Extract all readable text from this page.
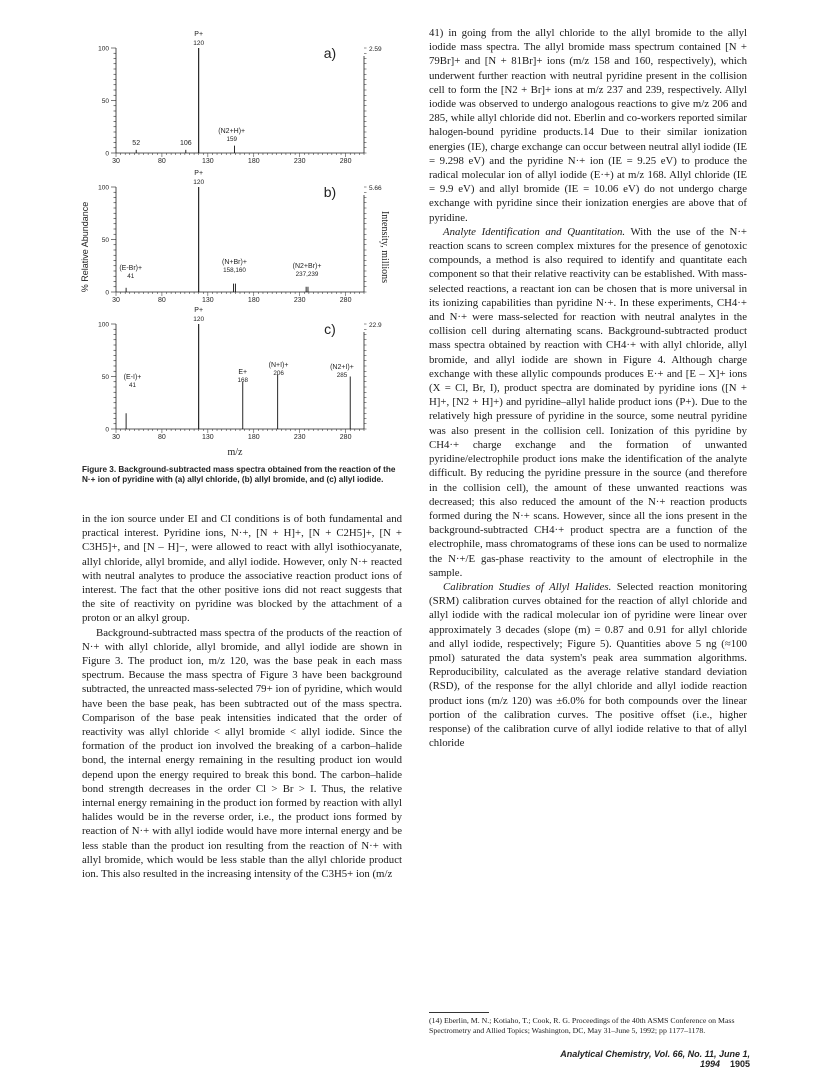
% Relative Abundance	Intensity, millions
m/z
100
50
0
30	80	130	180	230	280
P+
120
a)	2.59
52	106
(N2+H)+
159
100
50
0
30	80	130	180	230	280
P+
120
b)	5.66
(E-Br)+
41
(N+Br)+
158,160
(N2+Br)+
237,239
100
50
0
30	80	130	180	230	280
P+
120
c)	22.9
(E-I)+
41
E+
168
(N+I)+
206
(N2+I)+
285
Figure 3. Background-subtracted mass spectra obtained from the reaction of the N·+ ion of pyridine with (a) allyl chloride, (b) allyl bromide, and (c) allyl iodide.

in the ion source under EI and CI conditions is of both fundamental and practical interest. Pyridine ions, N·+, [N + H]+, [N + C2H5]+, [N + C3H5]+, and [N – H]−, were allowed to react with allyl isothiocyanate, allyl chloride, allyl bromide, and allyl iodide. However, only N·+ reacted with neutral analytes to produce the associative reaction product ions of interest. The fact that the other positive ions did not react suggests that the site of reactivity on pyridine was blocked by the attachment of a proton or an alkyl group.

Background-subtracted mass spectra of the products of the reaction of N·+ with allyl chloride, allyl bromide, and allyl iodide are shown in Figure 3. The product ion, m/z 120, was the base peak in each mass spectrum. Because the mass spectra of Figure 3 have been background subtracted, the unreacted mass-selected 79+ ion of pyridine, which would have been the base peak, has been subtracted out of the mass spectra. Comparison of the base peak intensities indicated that the order of reactivity was allyl chloride < allyl bromide < allyl iodide. Since the formation of the product ion involved the breaking of a carbon–halide bond, the internal energy remaining in the resulting product ion would depend upon the energy required to break this bond. The carbon–halide bond strength decreases in the order Cl > Br > I. Thus, the relative internal energy remaining in the product ion formed by reaction with allyl halides would be in the reverse order, i.e., the product ions formed by reaction of N·+ with allyl iodide would have more internal energy and be less stable than the product ion resulting from the reaction of N·+ with allyl bromide, which would be less stable than the allyl chloride product ion. This also resulted in the increasing intensity of the C3H5+ ion (m/z

41) in going from the allyl chloride to the allyl bromide to the allyl iodide mass spectra. The allyl bromide mass spectrum contained [N + 79Br]+ and [N + 81Br]+ ions (m/z 158 and 160, respectively), which underwent further reaction with neutral pyridine present in the collision cell to form the [N2 + Br]+ ions at m/z 237 and 239, respectively. Allyl iodide was observed to undergo analogous reactions to give m/z 206 and 285, while allyl chloride did not. Eberlin and co-workers reported similar halogen-bound pyridine products.14 Due to their similar ionization energies (IE), charge exchange can occur between neutral allyl iodide (IE = 9.298 eV) and the pyridine N·+ ion (IE = 9.25 eV) to produce the radical molecular ion of allyl iodide (E·+) at m/z 168. Allyl chloride (IE = 9.9 eV) and allyl bromide (IE = 10.06 eV) do not undergo charge exchange with pyridine since their ionization energies are above that of pyridine.

Analyte Identification and Quantitation. With the use of the N·+ reaction scans to screen complex mixtures for the presence of genotoxic compounds, a method is also required to identify and quantitate each component so that their relative reactivity can be established. With mass-selected reactions, a reactant ion can be chosen that is more universal in its ionizing capabilities than pyridine N·+. In these experiments, CH4·+ and N·+ were mass-selected for reaction with neutral analytes in the collision cell during alternating scans. Background-subtracted product mass spectra obtained by reaction with CH4·+ with allyl chloride, allyl bromide, and allyl iodide are shown in Figure 4. Although charge exchange with these allylic compounds produces E·+ and [E – X]+ ions (X = Cl, Br, I), product spectra are dominated by pyridine ions ([N + H]+, [N2 + H]+) and pyridine–allyl halide product ions (P+). Due to the relatively high pressure of pyridine in the source, some neutral pyridine was also present in the collision cell. Ionization of this pyridine by CH4·+ charge exchange and the formation of unwanted pyridine/electrophile product ions make the identification of the analyte difficult. By reducing the pyridine pressure in the source (and therefore in the collision cell), the amount of these unwanted reactions was decreased; this also reduced the amount of the N·+ reaction products formed during the N·+ scans. However, since all the ions present in the background-subtracted CH4·+ product spectra are a function of the electrophile, mass chromatograms of these ions can be used to normalize the N·+/E gas-phase reactivity to the amount of electrophile in the sample.

Calibration Studies of Allyl Halides. Selected reaction monitoring (SRM) calibration curves obtained for the reaction of allyl chloride and allyl iodide with the radical molecular ion of pyridine were linear over approximately 3 decades (slope (m) = 0.87 and 0.91 for allyl chloride and allyl iodide, respectively; Figure 5). Quantities above 5 ng (≈100 pmol) saturated the data system's peak area summation algorithms. Reproducibility, calculated as the average relative standard deviation (RSD), of the response for the allyl chloride and allyl iodide reaction product ions (m/z 120) was ±6.0% for both compounds over the linear portion of the calibration curves. The positive offset (i.e., higher response) of the calibration curve of allyl iodide relative to that of allyl chloride

(14) Eberlin, M. N.; Kotiaho, T.; Cook, R. G. Proceedings of the 40th ASMS Conference on Mass Spectrometry and Allied Topics; Washington, DC, May 31–June 5, 1992; pp 1177–1178.
Analytical Chemistry, Vol. 66, No. 11, June 1, 1994 1905
